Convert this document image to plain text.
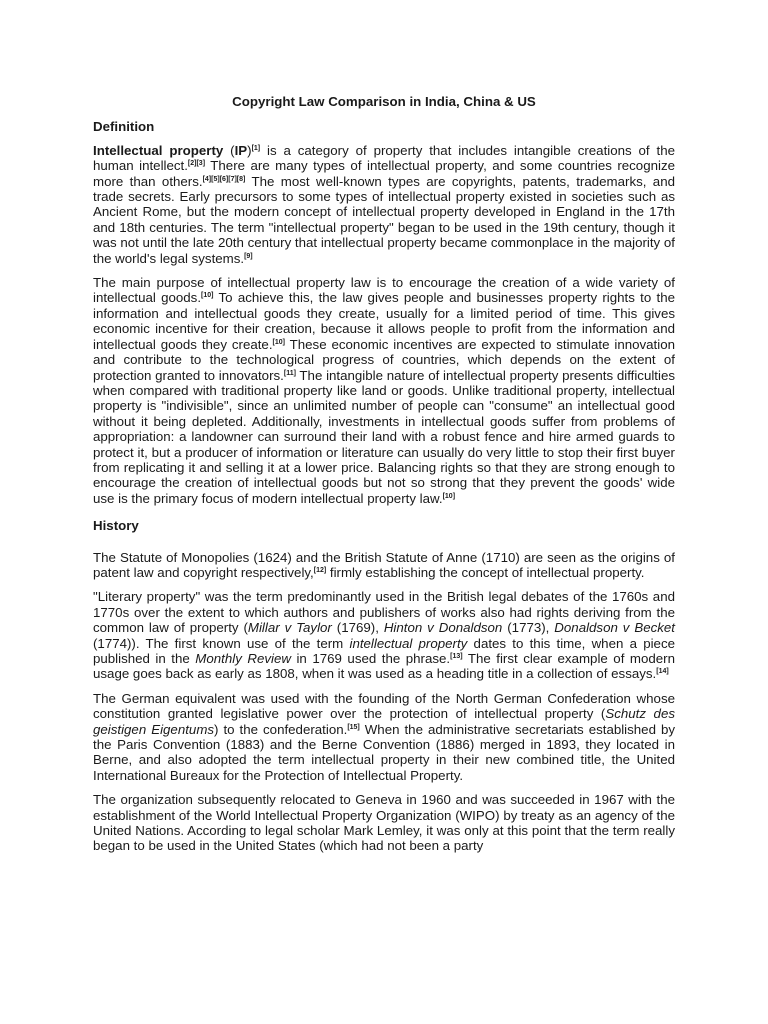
Copyright Law Comparison in India, China & US
Definition

Intellectual property (IP)[1] is a category of property that includes intangible creations of the human intellect.[2][3] There are many types of intellectual property, and some countries recognize more than others.[4][5][6][7][8] The most well-known types are copyrights, patents, trademarks, and trade secrets. Early precursors to some types of intellectual property existed in societies such as Ancient Rome, but the modern concept of intellectual property developed in England in the 17th and 18th centuries. The term "intellectual property" began to be used in the 19th century, though it was not until the late 20th century that intellectual property became commonplace in the majority of the world's legal systems.[9]

The main purpose of intellectual property law is to encourage the creation of a wide variety of intellectual goods.[10] To achieve this, the law gives people and businesses property rights to the information and intellectual goods they create, usually for a limited period of time. This gives economic incentive for their creation, because it allows people to profit from the information and intellectual goods they create.[10] These economic incentives are expected to stimulate innovation and contribute to the technological progress of countries, which depends on the extent of protection granted to innovators.[11] The intangible nature of intellectual property presents difficulties when compared with traditional property like land or goods. Unlike traditional property, intellectual property is "indivisible", since an unlimited number of people can "consume" an intellectual good without it being depleted. Additionally, investments in intellectual goods suffer from problems of appropriation: a landowner can surround their land with a robust fence and hire armed guards to protect it, but a producer of information or literature can usually do very little to stop their first buyer from replicating it and selling it at a lower price. Balancing rights so that they are strong enough to encourage the creation of intellectual goods but not so strong that they prevent the goods' wide use is the primary focus of modern intellectual property law.[10]

History

The Statute of Monopolies (1624) and the British Statute of Anne (1710) are seen as the origins of patent law and copyright respectively,[12] firmly establishing the concept of intellectual property.

"Literary property" was the term predominantly used in the British legal debates of the 1760s and 1770s over the extent to which authors and publishers of works also had rights deriving from the common law of property (Millar v Taylor (1769), Hinton v Donaldson (1773), Donaldson v Becket (1774)). The first known use of the term intellectual property dates to this time, when a piece published in the Monthly Review in 1769 used the phrase.[13] The first clear example of modern usage goes back as early as 1808, when it was used as a heading title in a collection of essays.[14]

The German equivalent was used with the founding of the North German Confederation whose constitution granted legislative power over the protection of intellectual property (Schutz des geistigen Eigentums) to the confederation.[15] When the administrative secretariats established by the Paris Convention (1883) and the Berne Convention (1886) merged in 1893, they located in Berne, and also adopted the term intellectual property in their new combined title, the United International Bureaux for the Protection of Intellectual Property.

The organization subsequently relocated to Geneva in 1960 and was succeeded in 1967 with the establishment of the World Intellectual Property Organization (WIPO) by treaty as an agency of the United Nations. According to legal scholar Mark Lemley, it was only at this point that the term really began to be used in the United States (which had not been a party
